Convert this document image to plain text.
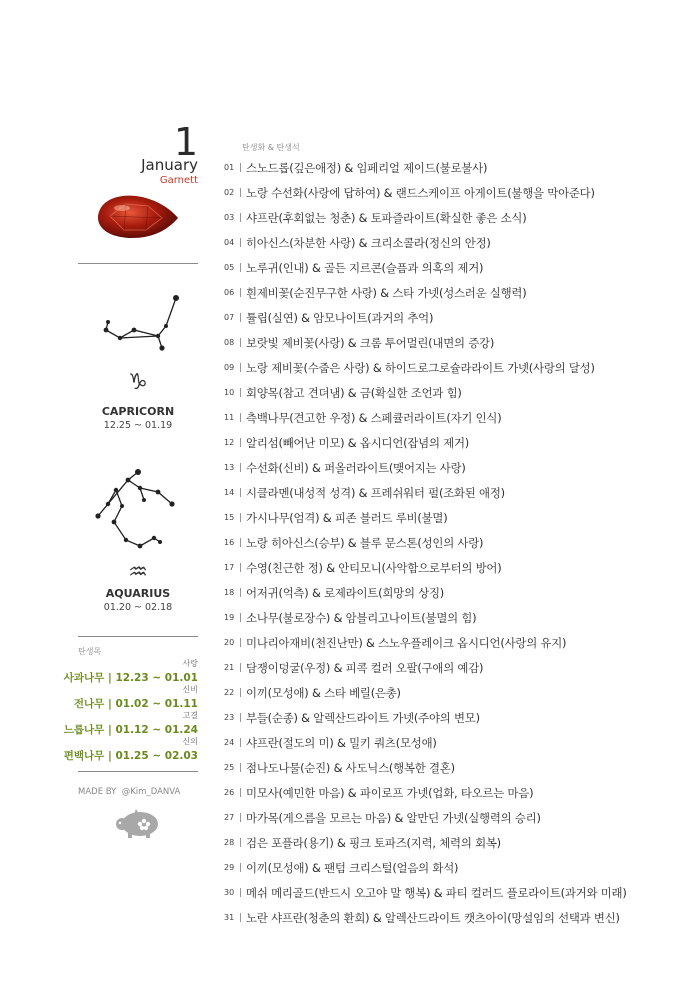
1
January
Garnett
♑
CAPRICORN
12.25 ~ 01.19
♒
AQUARIUS
01.20 ~ 02.18
탄생목
사랑
사과나무 | 12.23 ~ 01.01
신비
전나무 | 01.02 ~ 01.11
고결
느릅나무 | 01.12 ~ 01.24
신의
편백나무 | 01.25 ~ 02.03
MADE BY @Kim_DANVA
탄생화 & 탄생석
01 | 스노드롭(깊은애정) & 임페리얼 제이드(불로불사)
02 | 노랑 수선화(사랑에 답하여) & 랜드스케이프 아게이트(불행을 막아준다)
03 | 샤프란(후회없는 청춘) & 토파즐라이트(확실한 좋은 소식)
04 | 히아신스(차분한 사랑) & 크리소콜라(정신의 안정)
05 | 노루귀(인내) & 골든 지르콘(슬픔과 의혹의 제거)
06 | 흰제비꽃(순진무구한 사랑) & 스타 가넷(성스러운 실행력)
07 | 튤립(실연) & 암모나이트(과거의 추억)
08 | 보랏빛 제비꽃(사랑) & 크롬 투어멀린(내면의 증강)
09 | 노랑 제비꽃(수줍은 사랑) & 하이드로그로슐라라이트 가넷(사랑의 달성)
10 | 회양목(참고 견뎌냄) & 금(확실한 조언과 힘)
11 | 측백나무(견고한 우정) & 스페큘러라이트(자기 인식)
12 | 알리섬(빼어난 미모) & 옵시디언(잡념의 제거)
13 | 수선화(신비) & 퍼올러라이트(맺어지는 사랑)
14 | 시클라멘(내성적 성격) & 프레쉬워터 펄(조화된 애정)
15 | 가시나무(엄격) & 피존 블러드 루비(불멸)
16 | 노랑 히아신스(승부) & 블루 문스톤(성인의 사랑)
17 | 수영(친근한 정) & 안티모니(사악함으로부터의 방어)
18 | 어저귀(억측) & 로제라이트(희망의 상징)
19 | 소나무(불로장수) & 암블리고나이트(불멸의 힘)
20 | 미나리아재비(천진난만) & 스노우플레이크 옵시디언(사랑의 유지)
21 | 담쟁이덩굴(우정) & 피콕 컬러 오팔(구애의 예감)
22 | 이끼(모성애) & 스타 베릴(은총)
23 | 부들(순종) & 알렉산드라이트 가넷(주야의 변모)
24 | 샤프란(절도의 미) & 밀키 쿼츠(모성애)
25 | 점나도나물(순진) & 사도닉스(행복한 결혼)
26 | 미모사(예민한 마음) & 파이로프 가넷(업화, 타오르는 마음)
27 | 마가목(게으름을 모르는 마음) & 알만딘 가넷(실행력의 승리)
28 | 검은 포플라(용기) & 핑크 토파즈(지력, 체력의 회복)
29 | 이끼(모성애) & 팬텀 크리스털(얼음의 화석)
30 | 메쉬 메리골드(반드시 오고야 말 행복) & 파티 컬러드 플로라이트(과거와 미래)
31 | 노란 샤프란(청춘의 환희) & 알렉산드라이트 캣츠아이(망설임의 선택과 변신)
